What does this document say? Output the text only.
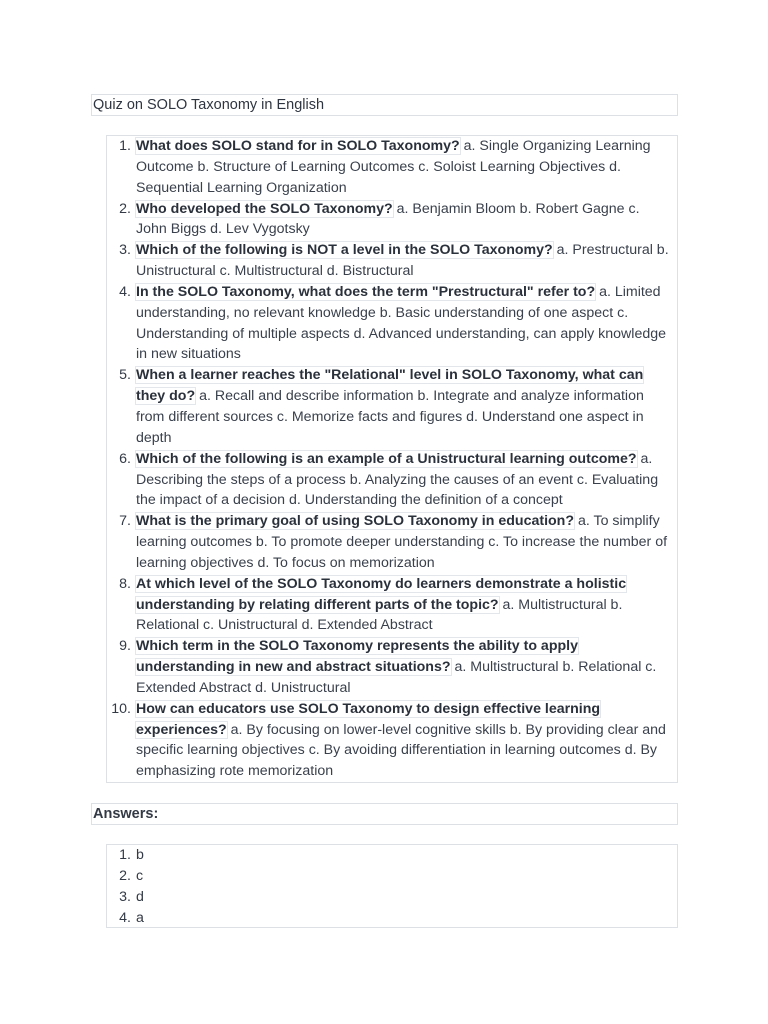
Quiz on SOLO Taxonomy in English
1. What does SOLO stand for in SOLO Taxonomy? a. Single Organizing Learning Outcome b. Structure of Learning Outcomes c. Soloist Learning Objectives d. Sequential Learning Organization
2. Who developed the SOLO Taxonomy? a. Benjamin Bloom b. Robert Gagne c. John Biggs d. Lev Vygotsky
3. Which of the following is NOT a level in the SOLO Taxonomy? a. Prestructural b. Unistructural c. Multistructural d. Bistructural
4. In the SOLO Taxonomy, what does the term "Prestructural" refer to? a. Limited understanding, no relevant knowledge b. Basic understanding of one aspect c. Understanding of multiple aspects d. Advanced understanding, can apply knowledge in new situations
5. When a learner reaches the "Relational" level in SOLO Taxonomy, what can they do? a. Recall and describe information b. Integrate and analyze information from different sources c. Memorize facts and figures d. Understand one aspect in depth
6. Which of the following is an example of a Unistructural learning outcome? a. Describing the steps of a process b. Analyzing the causes of an event c. Evaluating the impact of a decision d. Understanding the definition of a concept
7. What is the primary goal of using SOLO Taxonomy in education? a. To simplify learning outcomes b. To promote deeper understanding c. To increase the number of learning objectives d. To focus on memorization
8. At which level of the SOLO Taxonomy do learners demonstrate a holistic understanding by relating different parts of the topic? a. Multistructural b. Relational c. Unistructural d. Extended Abstract
9. Which term in the SOLO Taxonomy represents the ability to apply understanding in new and abstract situations? a. Multistructural b. Relational c. Extended Abstract d. Unistructural
10. How can educators use SOLO Taxonomy to design effective learning experiences? a. By focusing on lower-level cognitive skills b. By providing clear and specific learning objectives c. By avoiding differentiation in learning outcomes d. By emphasizing rote memorization
Answers:
1. b
2. c
3. d
4. a
